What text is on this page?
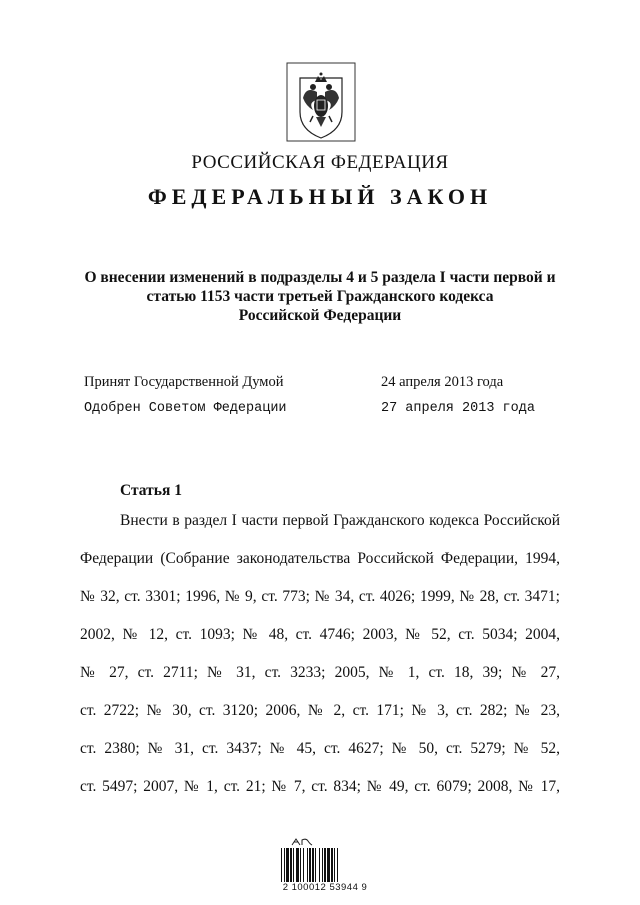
РОССИЙСКАЯ ФЕДЕРАЦИЯ
ФЕДЕРАЛЬНЫЙ ЗАКОН
О внесении изменений в подразделы 4 и 5 раздела I части первой и
статью 1153 части третьей Гражданского кодекса
Российской Федерации
Принят Государственной Думой	24 апреля 2013 года
Одобрен Советом Федерации	27 апреля 2013 года
Статья 1
Внести в раздел I части первой Гражданского кодекса Российской
Федерации (Собрание законодательства Российской Федерации, 1994,
№ 32, ст. 3301; 1996, № 9, ст. 773; № 34, ст. 4026; 1999, № 28, ст. 3471;
2002, № 12, ст. 1093; № 48, ст. 4746; 2003, № 52, ст. 5034; 2004,
№ 27, ст. 2711; № 31, ст. 3233; 2005, № 1, ст. 18, 39; № 27,
ст. 2722; № 30, ст. 3120; 2006, № 2, ст. 171; № 3, ст. 282; № 23,
ст. 2380; № 31, ст. 3437; № 45, ст. 4627; № 50, ст. 5279; № 52,
ст. 5497; 2007, № 1, ст. 21; № 7, ст. 834; № 49, ст. 6079; 2008, № 17,
2 100012 53944 9
